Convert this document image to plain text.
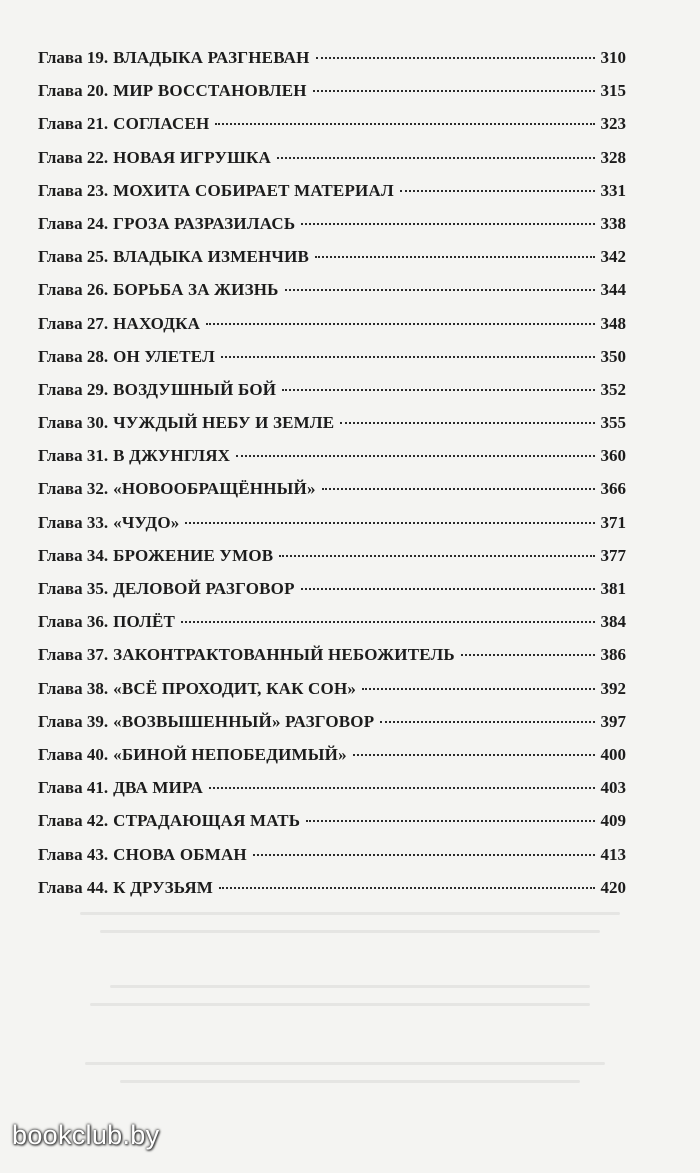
Глава 19. ВЛАДЫКА РАЗГНЕВАН	310
Глава 20. МИР ВОССТАНОВЛЕН	315
Глава 21. СОГЛАСЕН	323
Глава 22. НОВАЯ ИГРУШКА	328
Глава 23. МОХИТА СОБИРАЕТ МАТЕРИАЛ	331
Глава 24. ГРОЗА РАЗРАЗИЛАСЬ	338
Глава 25. ВЛАДЫКА ИЗМЕНЧИВ	342
Глава 26. БОРЬБА ЗА ЖИЗНЬ	344
Глава 27. НАХОДКА	348
Глава 28. ОН УЛЕТЕЛ	350
Глава 29. ВОЗДУШНЫЙ БОЙ	352
Глава 30. ЧУЖДЫЙ НЕБУ И ЗЕМЛЕ	355
Глава 31. В ДЖУНГЛЯХ	360
Глава 32. «НОВООБРАЩЁННЫЙ»	366
Глава 33. «ЧУДО»	371
Глава 34. БРОЖЕНИЕ УМОВ	377
Глава 35. ДЕЛОВОЙ РАЗГОВОР	381
Глава 36. ПОЛЁТ	384
Глава 37. ЗАКОНТРАКТОВАННЫЙ НЕБОЖИТЕЛЬ	386
Глава 38. «ВСЁ ПРОХОДИТ, КАК СОН»	392
Глава 39. «ВОЗВЫШЕННЫЙ» РАЗГОВОР	397
Глава 40. «БИНОЙ НЕПОБЕДИМЫЙ»	400
Глава 41. ДВА МИРА	403
Глава 42. СТРАДАЮЩАЯ МАТЬ	409
Глава 43. СНОВА ОБМАН	413
Глава 44. К ДРУЗЬЯМ	420
bookclub.by
